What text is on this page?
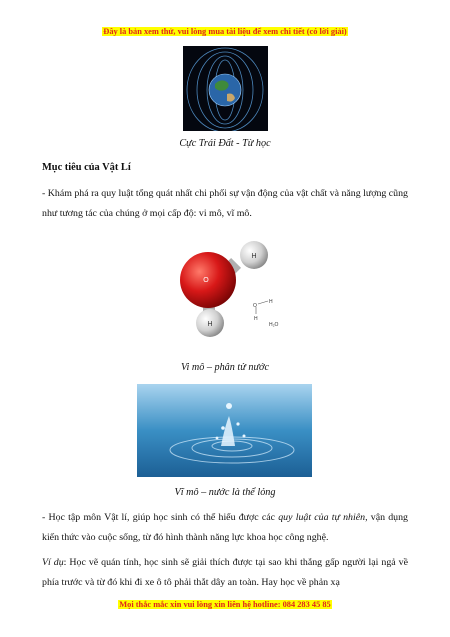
Đây là bản xem thử, vui lòng mua tài liệu để xem chi tiết (có lời giải)
Cực Trái Đất - Từ học
Mục tiêu của Vật Lí
- Khám phá ra quy luật tổng quát nhất chi phối sự vận động của vật chất và năng lượng cũng như tương tác của chúng ở mọi cấp độ: vi mô, vĩ mô.
H
H
O
O
H
H
H₂O
Vi mô – phân tử nước
Vĩ mô – nước là thể lỏng
- Học tập môn Vật lí, giúp học sinh có thể hiểu được các quy luật của tự nhiên, vận dụng kiến thức vào cuộc sống, từ đó hình thành năng lực khoa học công nghệ.
Ví dụ: Học vẽ quán tính, học sinh sẽ giải thích được tại sao khi thắng gấp người lại ngả về phía trước và từ đó khi đi xe ô tô phải thắt dây an toàn. Hay học về phản xạ
Mọi thắc mắc xin vui lòng xin liên hệ hotline: 084 283 45 85
